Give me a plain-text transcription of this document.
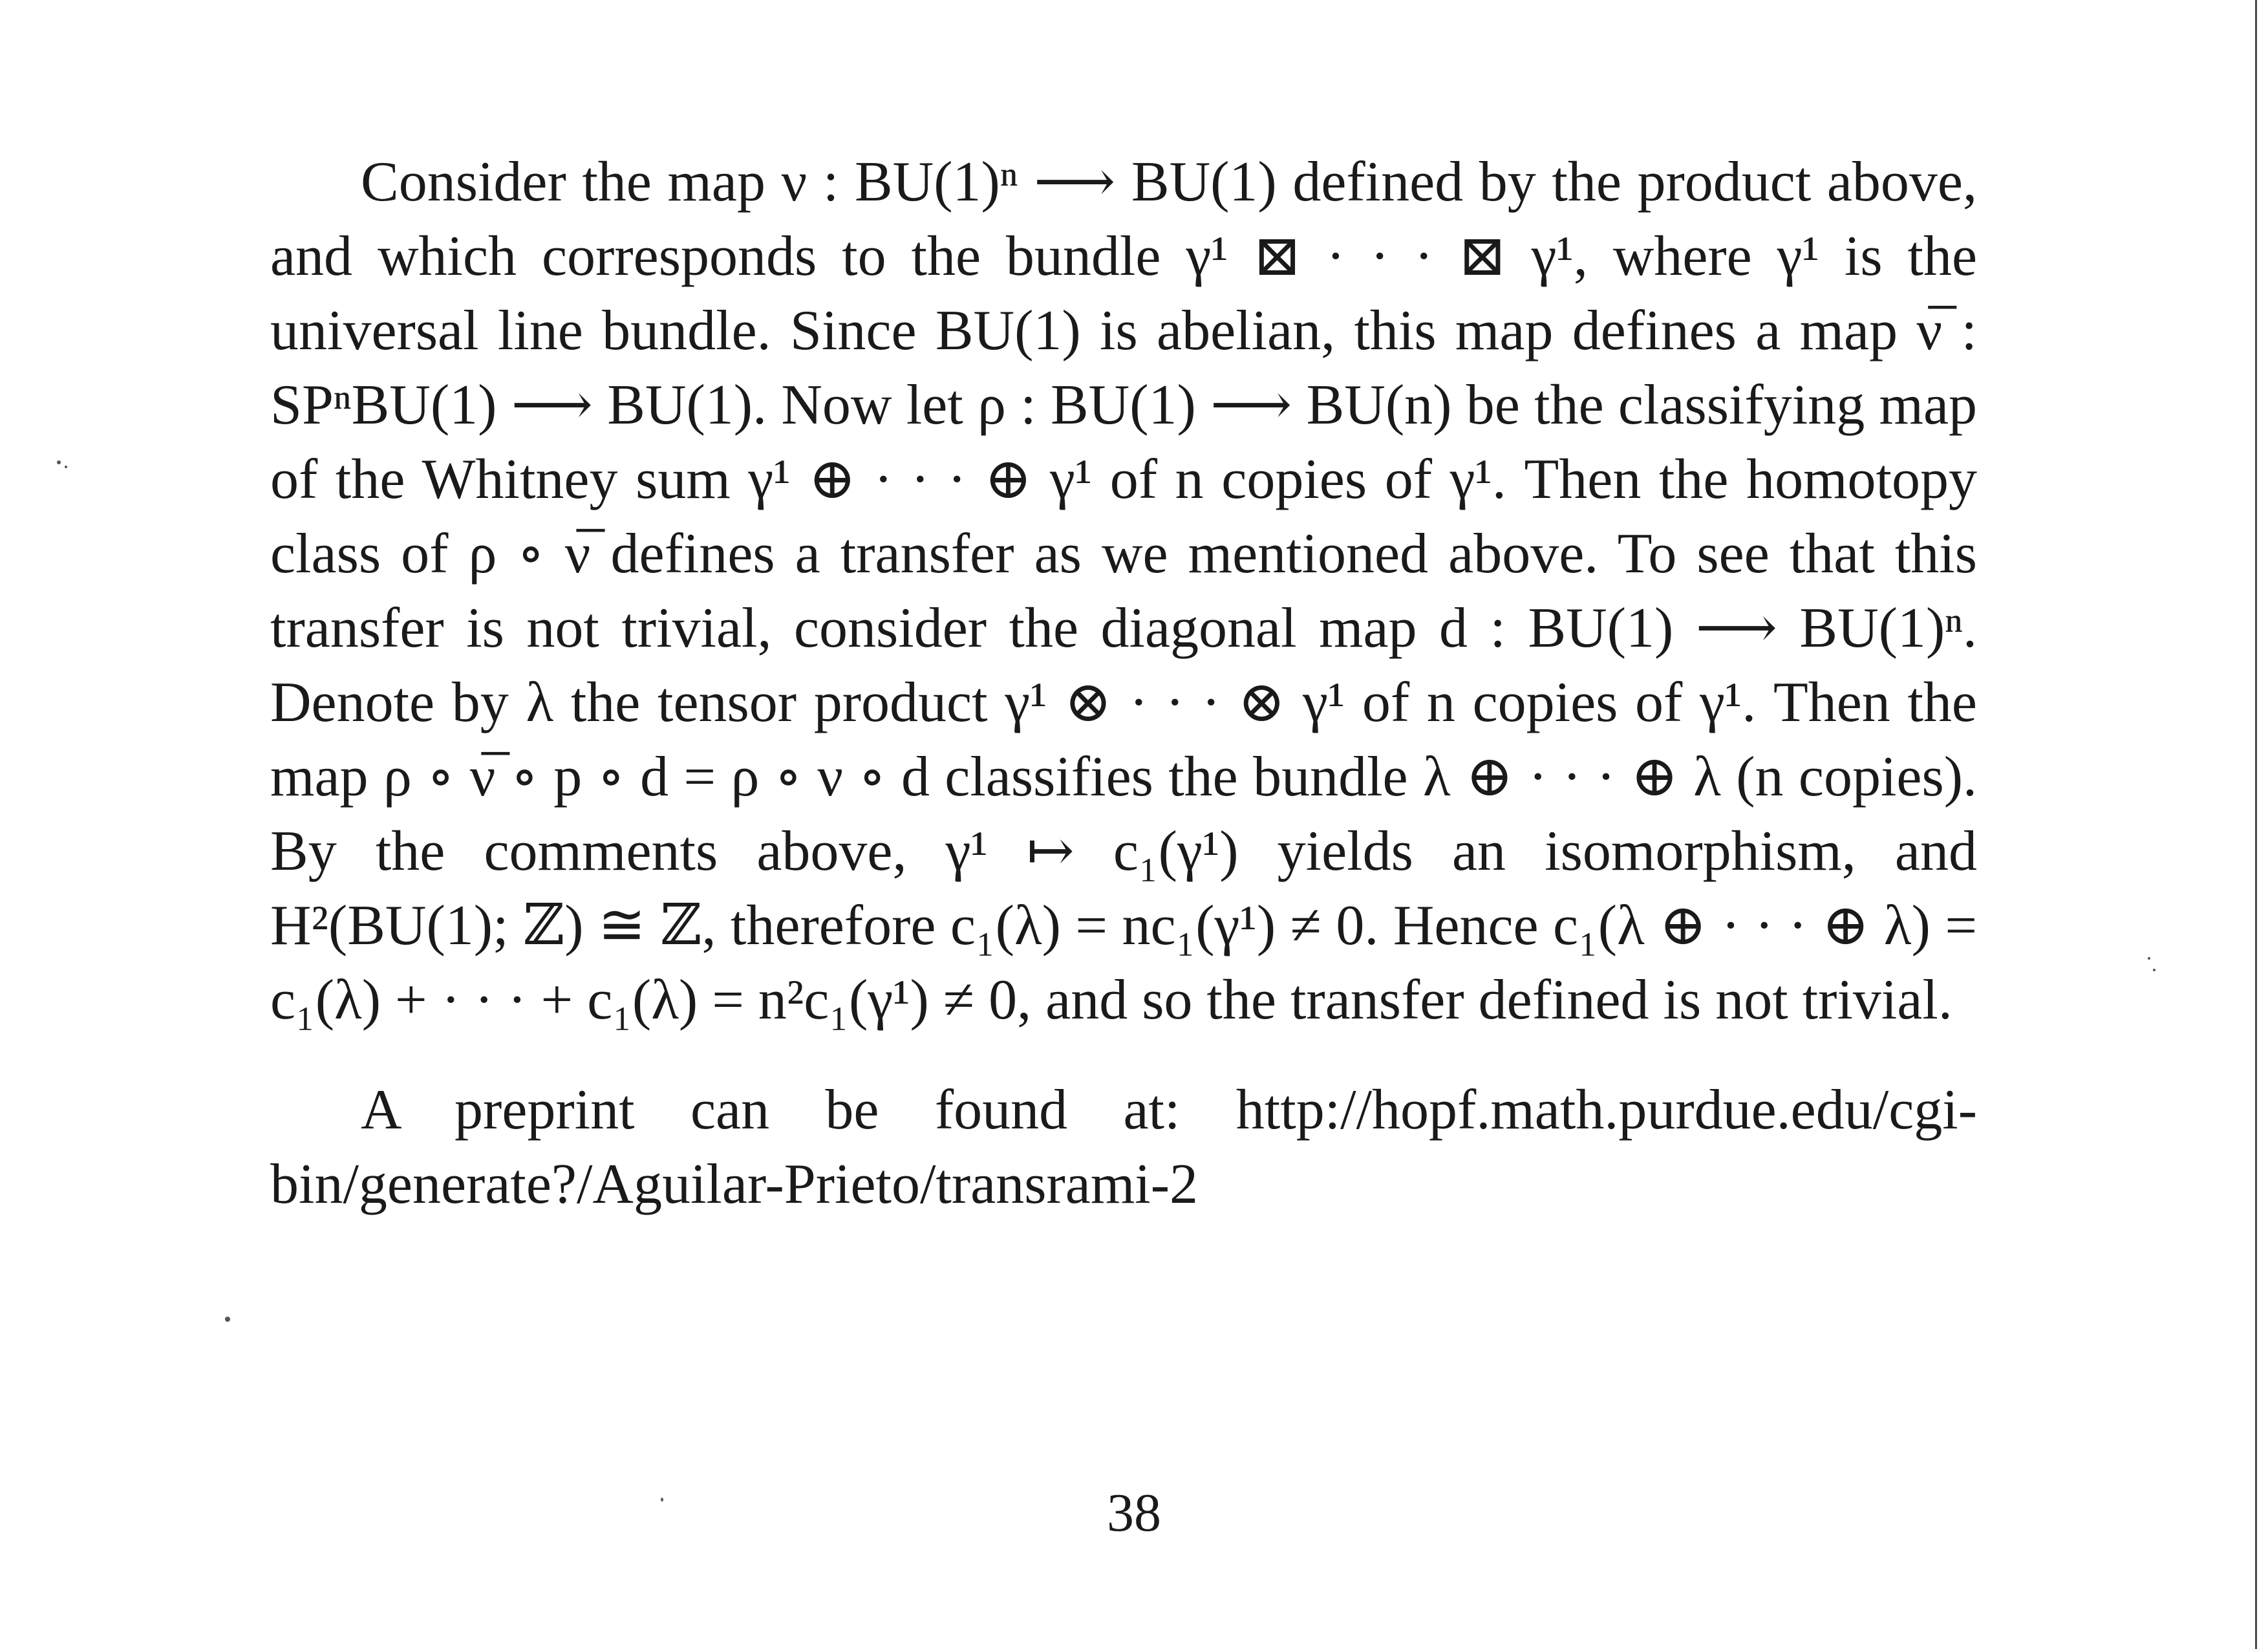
Consider the map ν : BU(1)ⁿ ⟶ BU(1) defined by the product above, and which corresponds to the bundle γ¹ ⊠ · · · ⊠ γ¹, where γ¹ is the universal line bundle. Since BU(1) is abelian, this map defines a map ν̅ : SPⁿBU(1) ⟶ BU(1). Now let ρ : BU(1) ⟶ BU(n) be the classifying map of the Whitney sum γ¹ ⊕ · · · ⊕ γ¹ of n copies of γ¹. Then the homotopy class of ρ ∘ ν̅ defines a transfer as we mentioned above. To see that this transfer is not trivial, consider the diagonal map d : BU(1) ⟶ BU(1)ⁿ. Denote by λ the tensor product γ¹ ⊗ · · · ⊗ γ¹ of n copies of γ¹. Then the map ρ ∘ ν̅ ∘ p ∘ d = ρ ∘ ν ∘ d classifies the bundle λ ⊕ · · · ⊕ λ (n copies). By the comments above, γ¹ ↦ c₁(γ¹) yields an isomorphism, and H²(BU(1); ℤ) ≅ ℤ, therefore c₁(λ) = nc₁(γ¹) ≠ 0. Hence c₁(λ ⊕ · · · ⊕ λ) = c₁(λ) + · · · + c₁(λ) = n²c₁(γ¹) ≠ 0, and so the transfer defined is not trivial.

A preprint can be found at: http://hopf.math.purdue.edu/cgi-bin/generate?/Aguilar-Prieto/transrami-2

38
